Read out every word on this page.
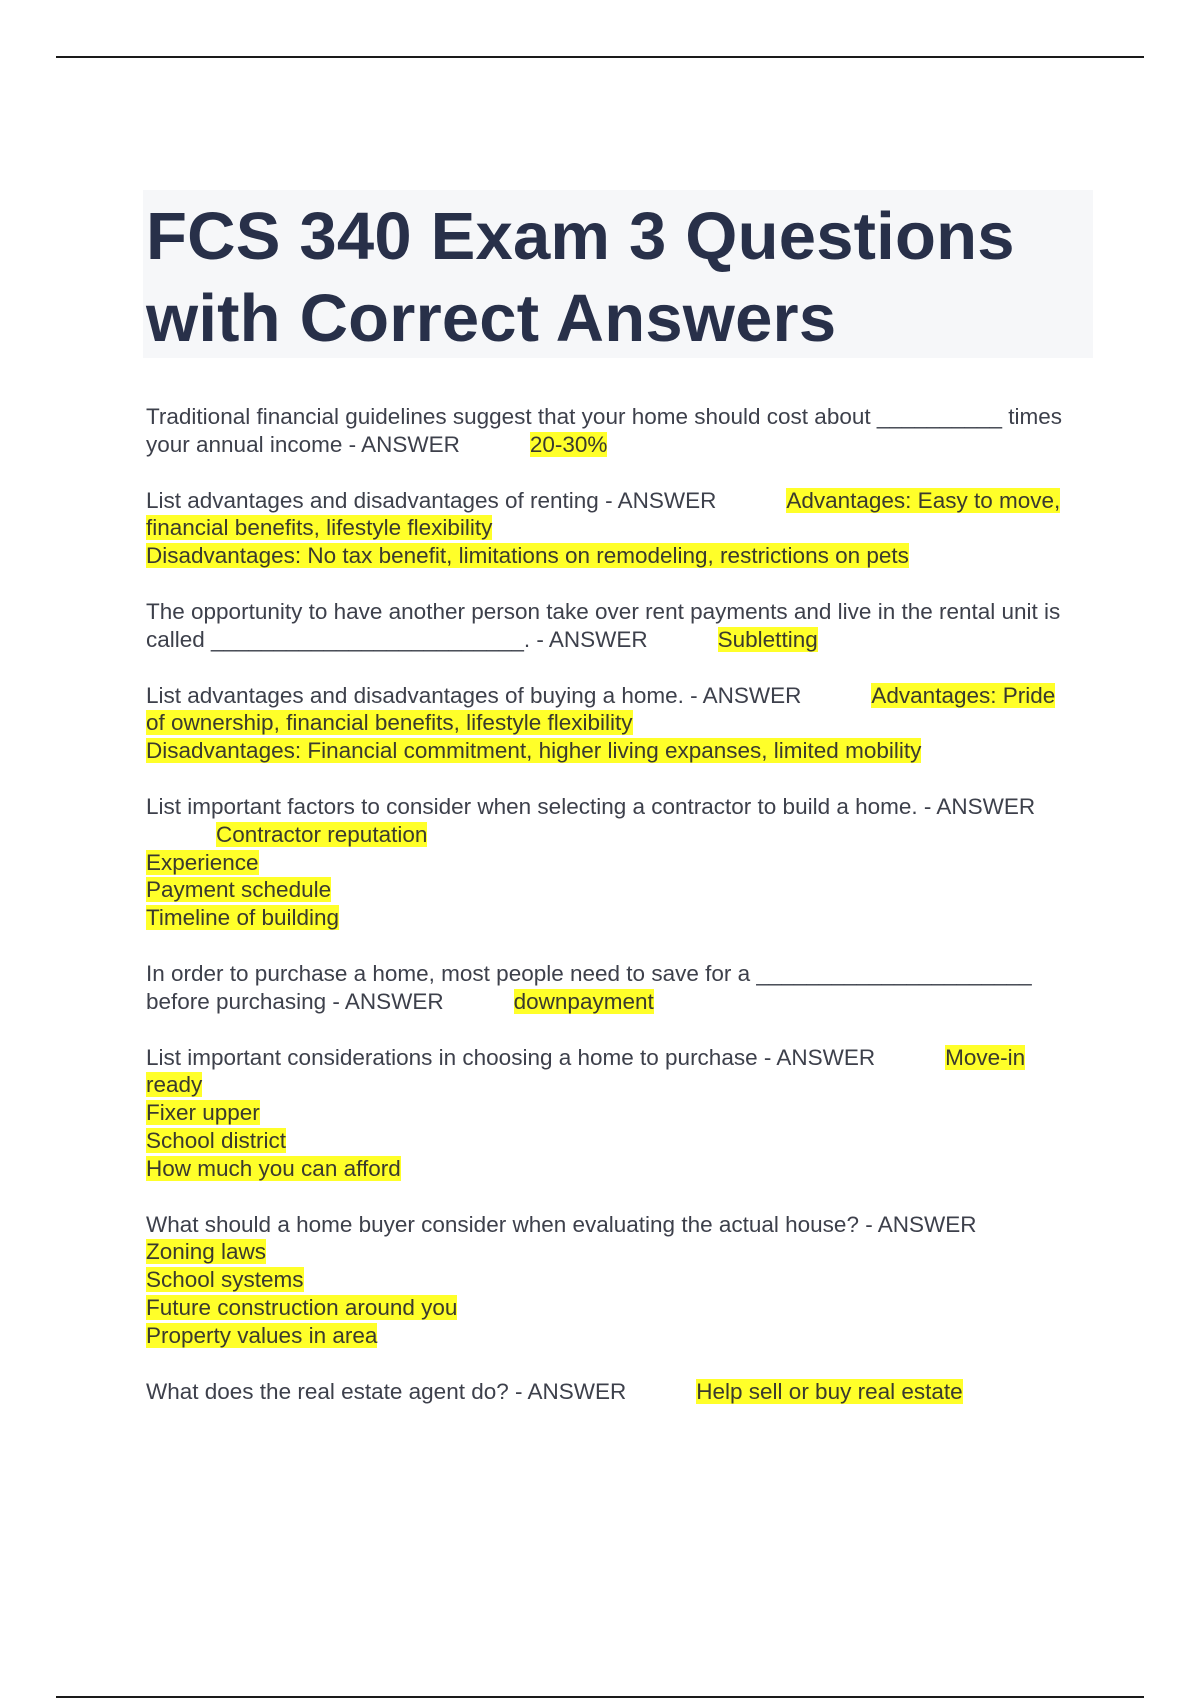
FCS 340 Exam 3 Questions with Correct Answers
Traditional financial guidelines suggest that your home should cost about __________ times your annual income - ANSWER	20-30%
List advantages and disadvantages of renting - ANSWER	Advantages: Easy to move, financial benefits, lifestyle flexibility
Disadvantages: No tax benefit, limitations on remodeling, restrictions on pets
The opportunity to have another person take over rent payments and live in the rental unit is called _________________________. - ANSWER	Subletting
List advantages and disadvantages of buying a home. - ANSWER	Advantages: Pride of ownership, financial benefits, lifestyle flexibility
Disadvantages: Financial commitment, higher living expanses, limited mobility
List important factors to consider when selecting a contractor to build a home. - ANSWERContractor reputation
Experience
Payment schedule
Timeline of building
In order to purchase a home, most people need to save for a ______________________ before purchasing - ANSWER	downpayment
List important considerations in choosing a home to purchase - ANSWER	Move-in ready
Fixer upper
School district
How much you can afford
What should a home buyer consider when evaluating the actual house? - ANSWER
Zoning laws
School systems
Future construction around you
Property values in area
What does the real estate agent do? - ANSWER	Help sell or buy real estate
